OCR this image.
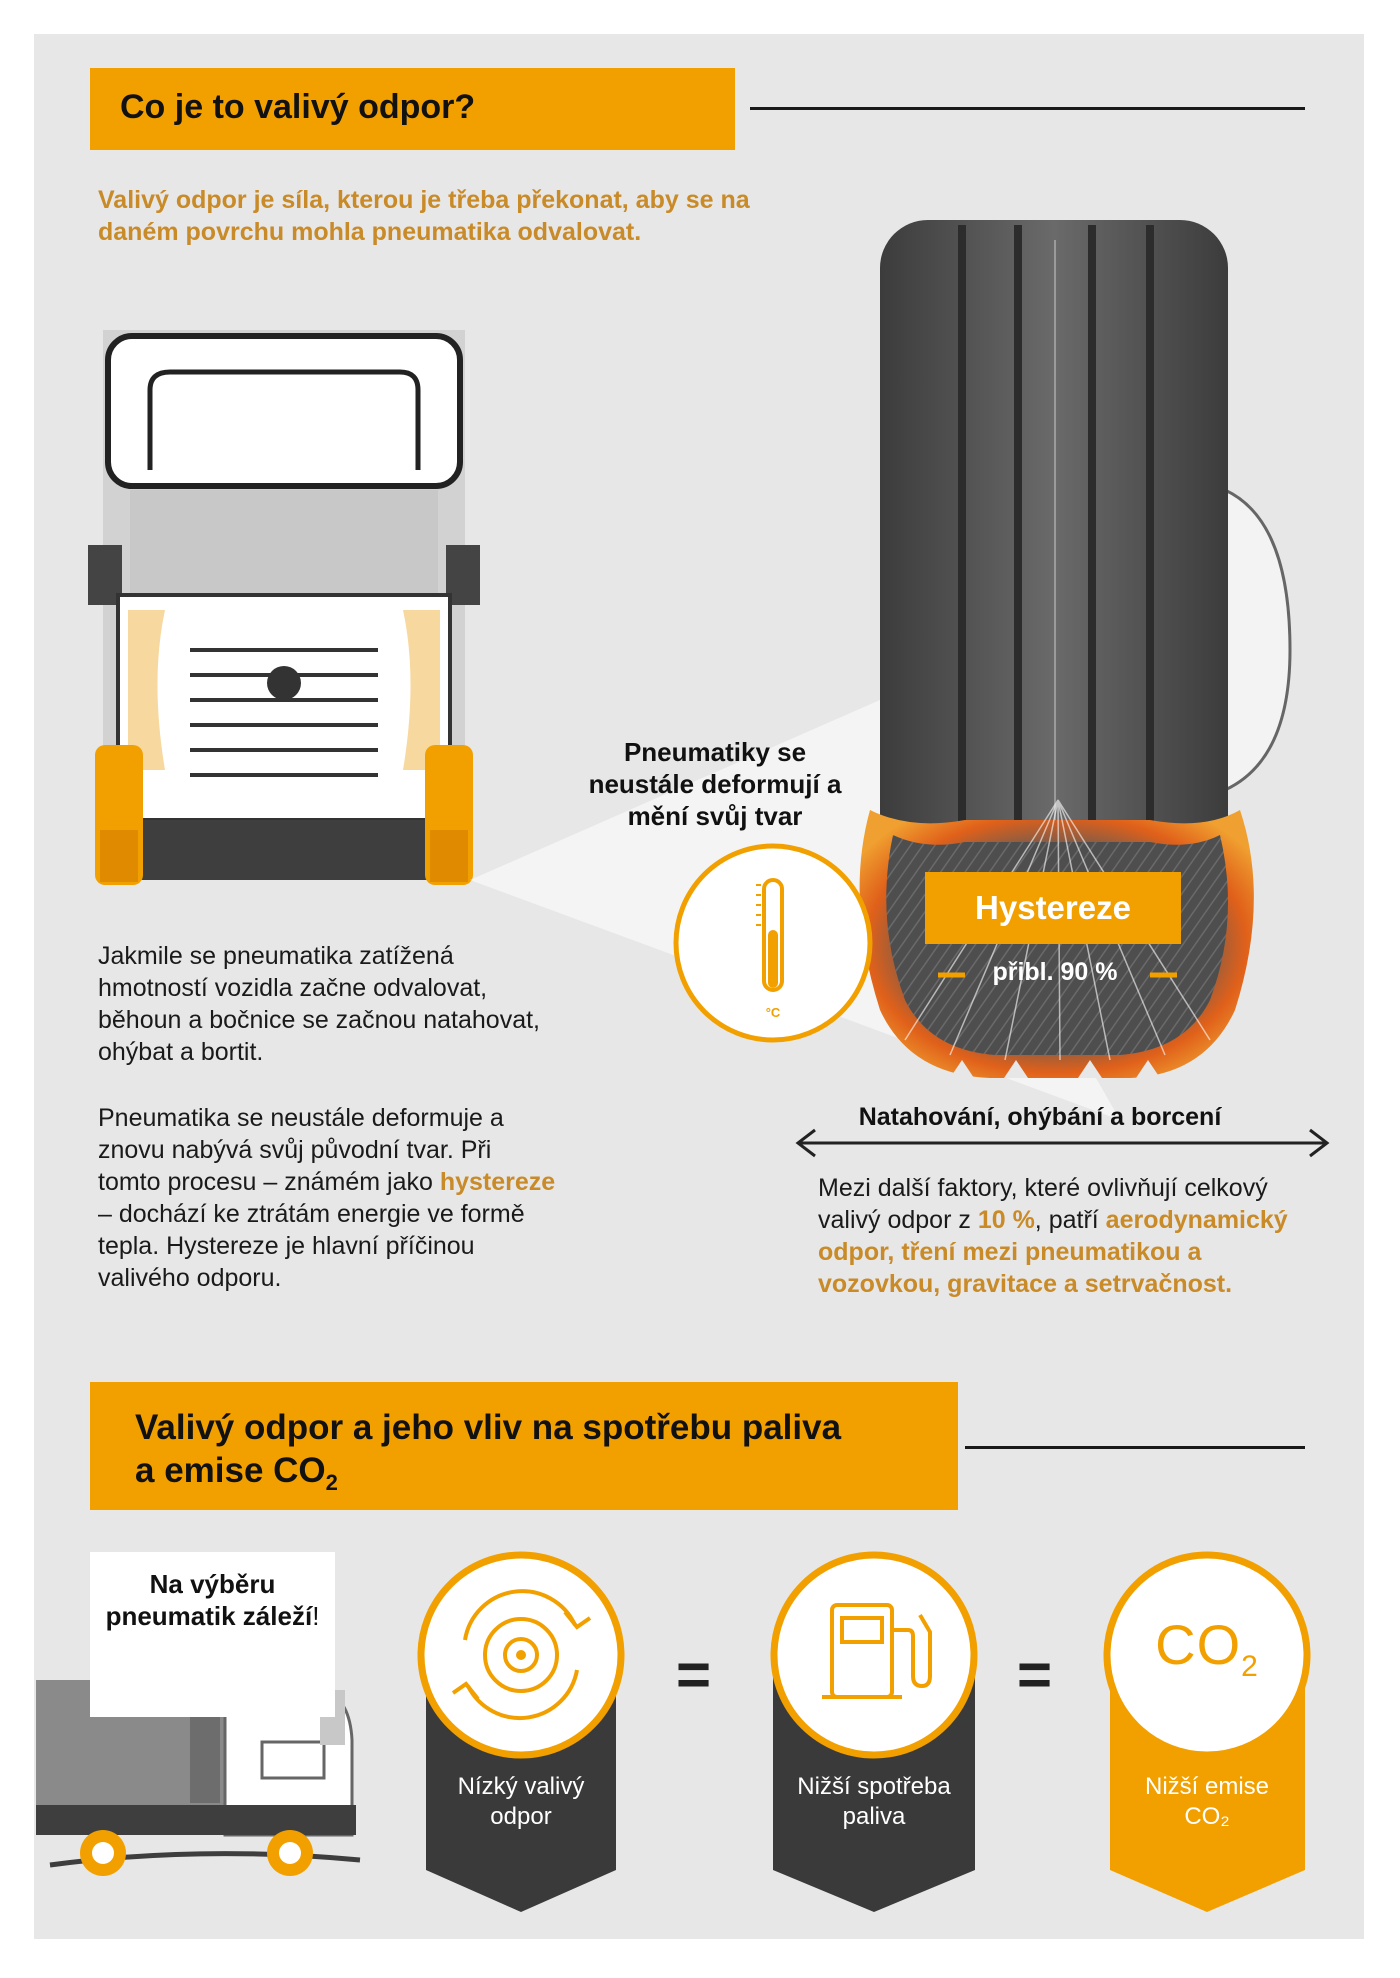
Co je to valivý odpor?
Valivý odpor je síla, kterou je třeba překonat, aby se na daném povrchu mohla pneumatika odvalovat.
Jakmile se pneumatika zatížená hmotností vozidla začne odvalovat, běhoun a bočnice se začnou natahovat, ohýbat a bortit.
Pneumatika se neustále deformuje a znovu nabývá svůj původní tvar. Při tomto procesu – známém jako hystereze – dochází ke ztrátám energie ve formě tepla. Hystereze je hlavní příčinou valivého odporu.
Pneumatiky se neustále deformují a mění svůj tvar
Hystereze
přibl. 90 %
°C
Natahování, ohýbání a borcení
Mezi další faktory, které ovlivňují celkový valivý odpor z 10 %, patří aerodynamický odpor, tření mezi pneumatikou a vozovkou, gravitace a setrvačnost.
Valivý odpor a jeho vliv na spotřebu paliva
a emise $CO_2$
Na výběru pneumatik záleží!
=	= $CO_2$
Nízký valivý odpor
Nižší spotřeba paliva
Nižší emise CO₂
